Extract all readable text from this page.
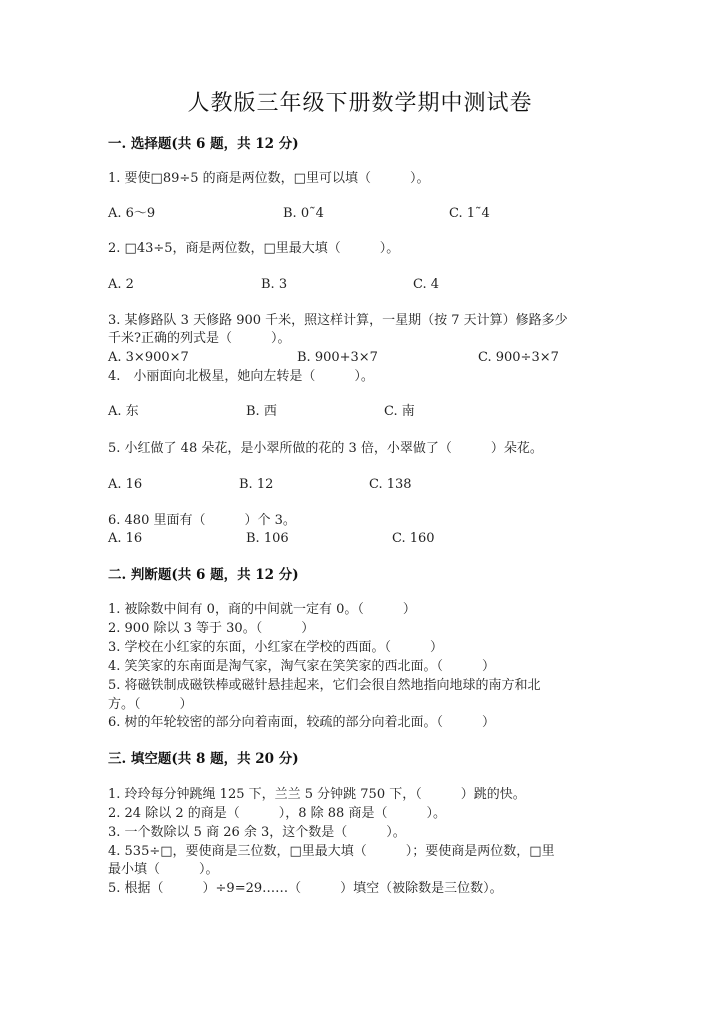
人教版三年级下册数学期中测试卷
一. 选择题(共 6 题，共 12 分)
1. 要使□89÷5 的商是两位数，□里可以填（　　　）。
A. 6～9	B. 0˜4	C. 1˜4
2. □43÷5，商是两位数，□里最大填（　　　）。
A. 2	B. 3	C. 4
3. 某修路队 3 天修路 900 千米，照这样计算，一星期（按 7 天计算）修路多少
千米?正确的列式是（　　　）。
A. 3×900×7	B. 900+3×7	C. 900÷3×7
4.　小丽面向北极星，她向左转是（　　　）。
A. 东	B. 西	C. 南
5. 小红做了 48 朵花，是小翠所做的花的 3 倍，小翠做了（　　　）朵花。
A. 16	B. 12	C. 138
6. 480 里面有（　　　）个 3。
A. 16	B. 106	C. 160
二. 判断题(共 6 题，共 12 分)
1. 被除数中间有 0，商的中间就一定有 0。（　　　）
2. 900 除以 3 等于 30。（　　　）
3. 学校在小红家的东面，小红家在学校的西面。（　　　）
4. 笑笑家的东南面是淘气家，淘气家在笑笑家的西北面。（　　　）
5. 将磁铁制成磁铁棒或磁针悬挂起来，它们会很自然地指向地球的南方和北
方。（　　　）
6. 树的年轮较密的部分向着南面，较疏的部分向着北面。（　　　）
三. 填空题(共 8 题，共 20 分)
1. 玲玲每分钟跳绳 125 下，兰兰 5 分钟跳 750 下，（　　　）跳的快。
2. 24 除以 2 的商是（　　　），8 除 88 商是（　　　）。
3. 一个数除以 5 商 26 余 3，这个数是（　　　）。
4. 535÷□，要使商是三位数，□里最大填（　　　）；要使商是两位数，□里
最小填（　　　）。
5. 根据（　　　）÷9=29……（　　　）填空（被除数是三位数）。
